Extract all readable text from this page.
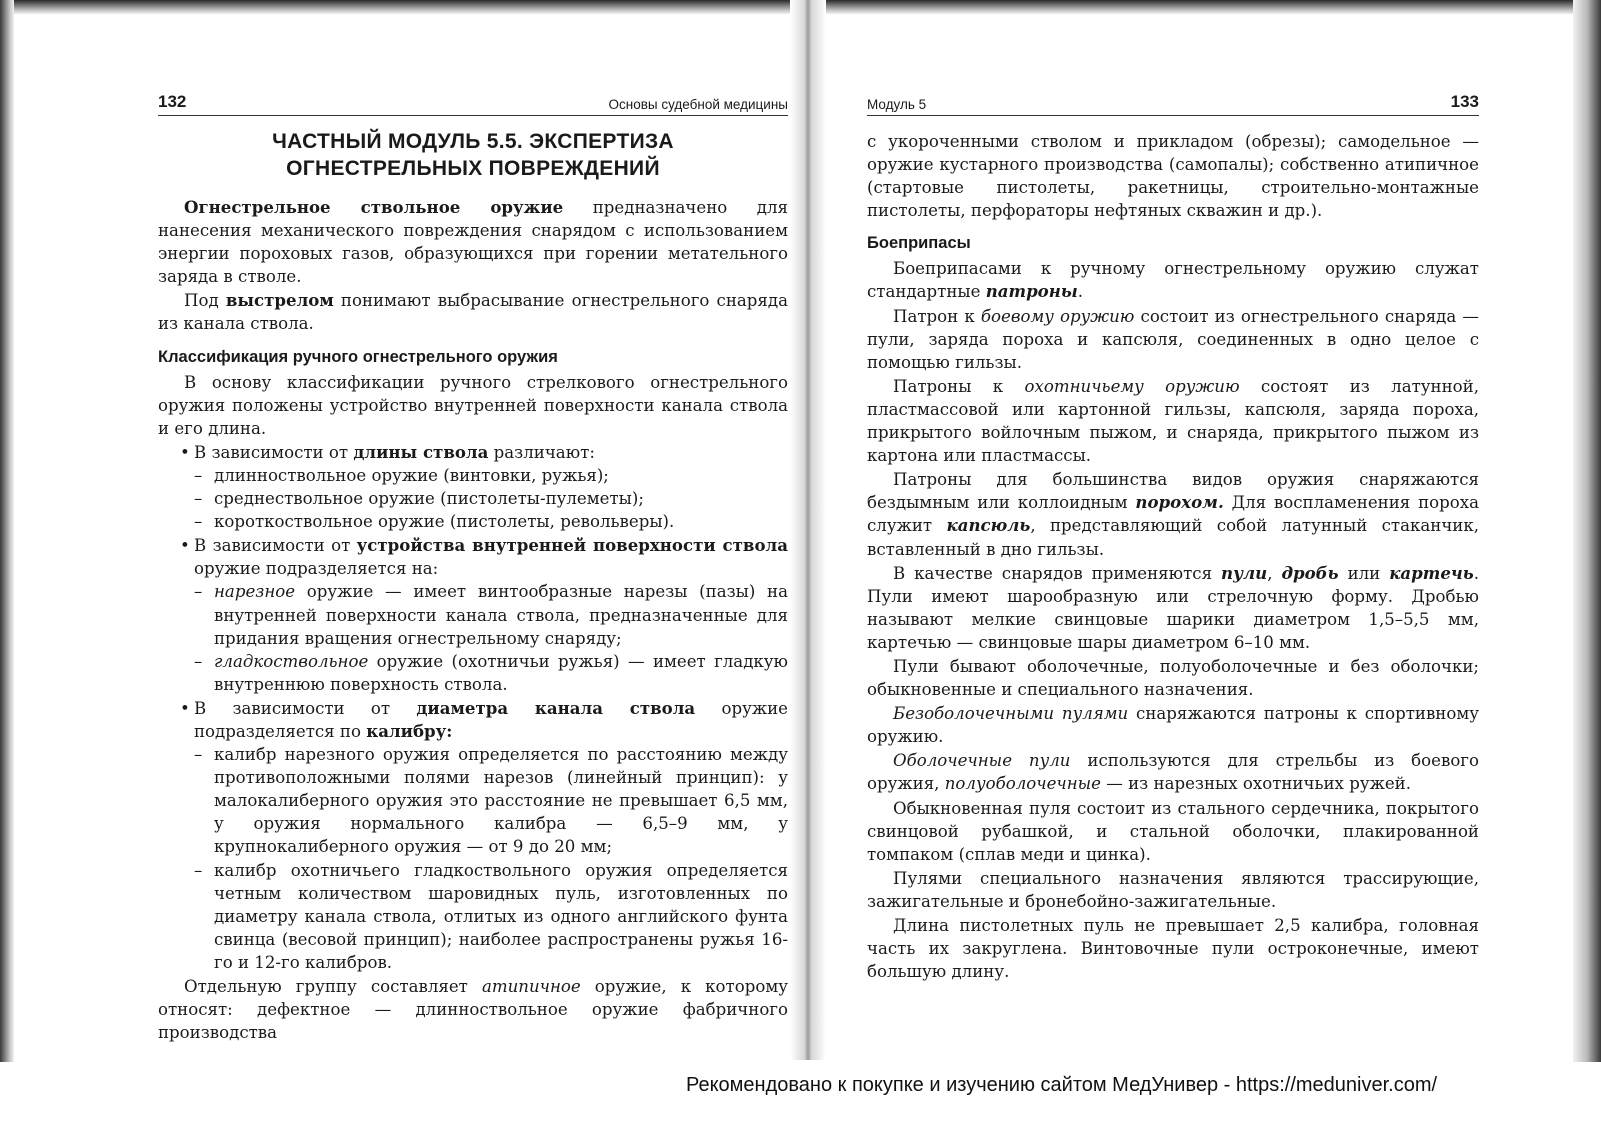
132	Основы судебной медицины
ЧАСТНЫЙ МОДУЛЬ 5.5. ЭКСПЕРТИЗА
ОГНЕСТРЕЛЬНЫХ ПОВРЕЖДЕНИЙ

Огнестрельное ствольное оружие предназначено для нанесения механического повреждения снарядом с использованием энергии пороховых газов, образующихся при горении метательного заряда в стволе.

Под выстрелом понимают выбрасывание огнестрельного снаряда из канала ствола.

Классификация ручного огнестрельного оружия

В основу классификации ручного стрелкового огнестрельного оружия положены устройство внутренней поверхности канала ствола и его длина.

• В зависимости от длины ствола различают:
– длинноствольное оружие (винтовки, ружья);
– среднествольное оружие (пистолеты-пулеметы);
– короткоствольное оружие (пистолеты, револьверы).
• В зависимости от устройства внутренней поверхности ствола оружие подразделяется на:
– нарезное оружие — имеет винтообразные нарезы (пазы) на внутренней поверхности канала ствола, предназначенные для придания вращения огнестрельному снаряду;
– гладкоствольное оружие (охотничьи ружья) — имеет гладкую внутреннюю поверхность ствола.
• В зависимости от диаметра канала ствола оружие подразделяется по калибру:
– калибр нарезного оружия определяется по расстоянию между противоположными полями нарезов (линейный принцип): у малокалиберного оружия это расстояние не превышает 6,5 мм, у оружия нормального калибра — 6,5–9 мм, у крупнокалиберного оружия — от 9 до 20 мм;
– калибр охотничьего гладкоствольного оружия определяется четным количеством шаровидных пуль, изготовленных по диаметру канала ствола, отлитых из одного английского фунта свинца (весовой принцип); наиболее распространены ружья 16-го и 12-го калибров.

Отдельную группу составляет атипичное оружие, к которому относят: дефектное — длинноствольное оружие фабричного производства

Модуль 5	133

с укороченными стволом и прикладом (обрезы); самодельное — оружие кустарного производства (самопалы); собственно атипичное (стартовые пистолеты, ракетницы, строительно-монтажные пистолеты, перфораторы нефтяных скважин и др.).

Боеприпасы

Боеприпасами к ручному огнестрельному оружию служат стандартные патроны.

Патрон к боевому оружию состоит из огнестрельного снаряда — пули, заряда пороха и капсюля, соединенных в одно целое с помощью гильзы.

Патроны к охотничьему оружию состоят из латунной, пластмассовой или картонной гильзы, капсюля, заряда пороха, прикрытого войлочным пыжом, и снаряда, прикрытого пыжом из картона или пластмассы.

Патроны для большинства видов оружия снаряжаются бездымным или коллоидным порохом. Для воспламенения пороха служит капсюль, представляющий собой латунный стаканчик, вставленный в дно гильзы.

В качестве снарядов применяются пули, дробь или картечь. Пули имеют шарообразную или стрелочную форму. Дробью называют мелкие свинцовые шарики диаметром 1,5–5,5 мм, картечью — свинцовые шары диаметром 6–10 мм.

Пули бывают оболочечные, полуоболочечные и без оболочки; обыкновенные и специального назначения.

Безоболочечными пулями снаряжаются патроны к спортивному оружию.

Оболочечные пули используются для стрельбы из боевого оружия, полуоболочечные — из нарезных охотничьих ружей.

Обыкновенная пуля состоит из стального сердечника, покрытого свинцовой рубашкой, и стальной оболочки, плакированной томпаком (сплав меди и цинка).

Пулями специального назначения являются трассирующие, зажигательные и бронебойно-зажигательные.

Длина пистолетных пуль не превышает 2,5 калибра, головная часть их закруглена. Винтовочные пули остроконечные, имеют большую длину.

Рекомендовано к покупке и изучению сайтом МедУнивер - https://meduniver.com/
